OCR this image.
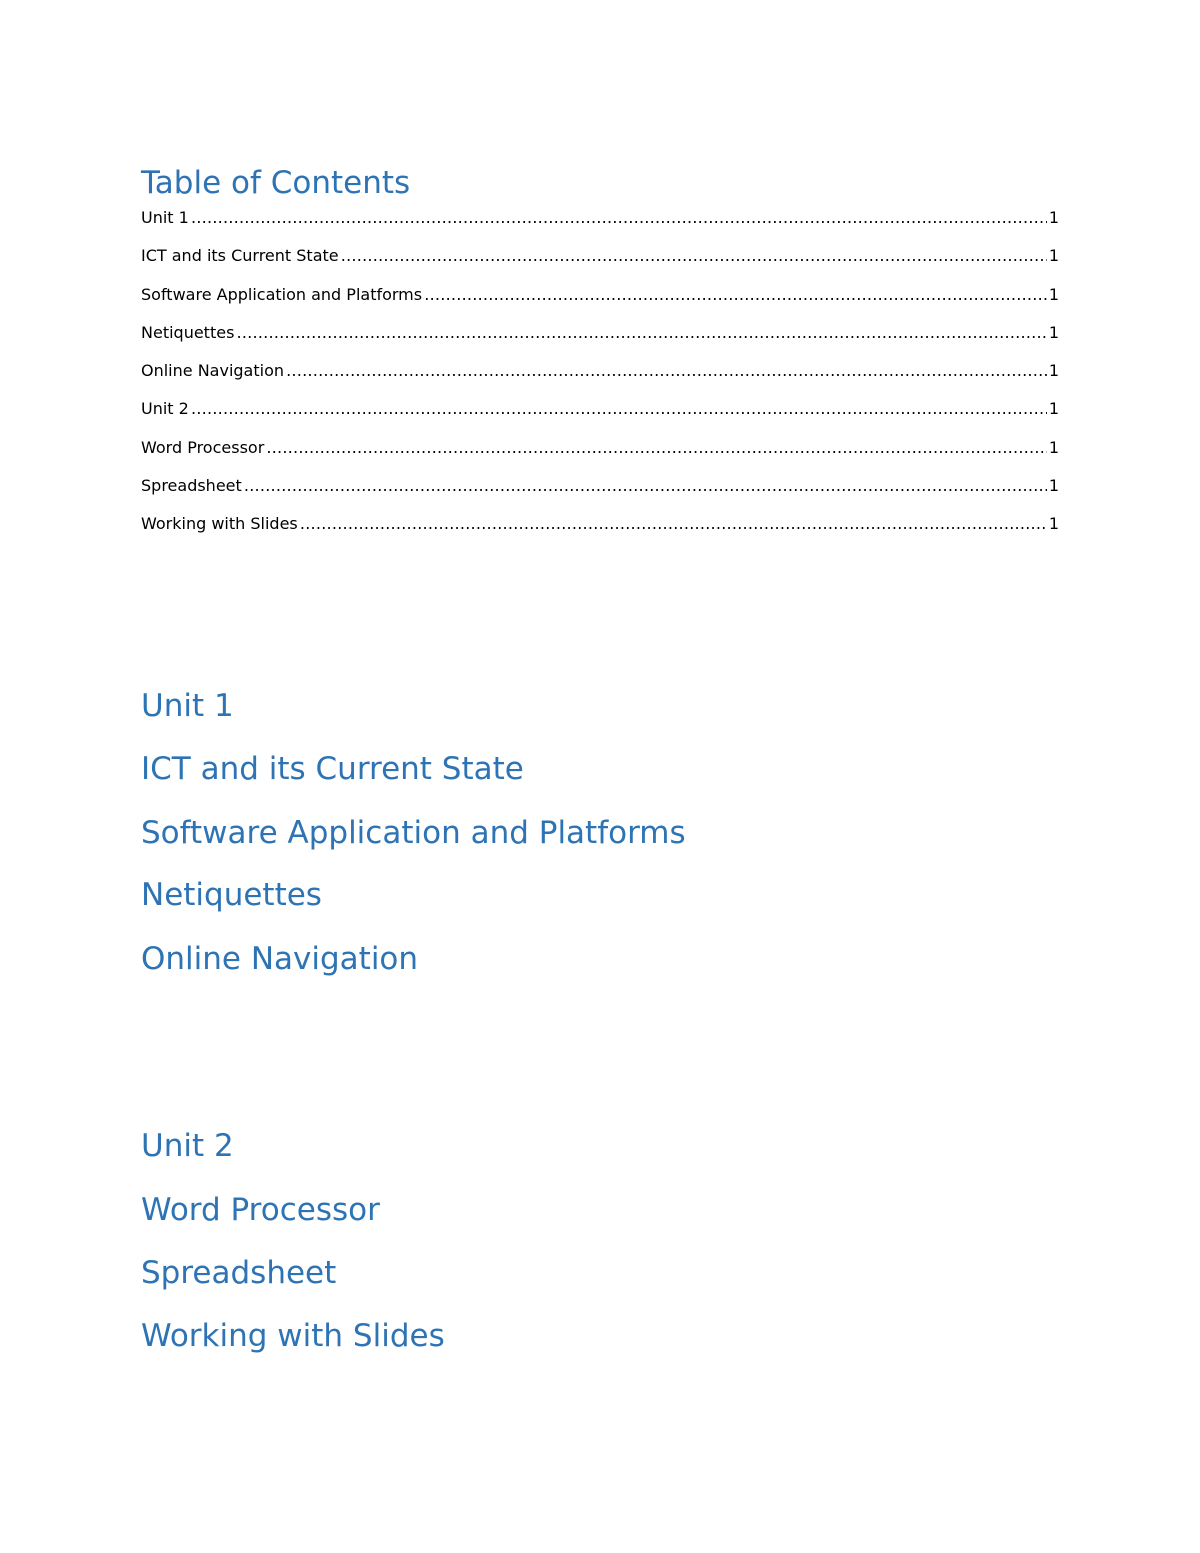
Table of Contents
Unit 1 ………………………………………………………………………………………………………………………………………………………………………………………………………………………………………………………………………………………………………………………………	1
ICT and its Current State ………………………………………………………………………………………………………………………………………………………………………………………………………………………………………………………………………………………………………………………………	1
Software Application and Platforms ………………………………………………………………………………………………………………………………………………………………………………………………………………………………………………………………………………………………………………………………	1
Netiquettes ………………………………………………………………………………………………………………………………………………………………………………………………………………………………………………………………………………………………………………………………	1
Online Navigation ………………………………………………………………………………………………………………………………………………………………………………………………………………………………………………………………………………………………………………………………	1
Unit 2 ………………………………………………………………………………………………………………………………………………………………………………………………………………………………………………………………………………………………………………………………	1
Word Processor ………………………………………………………………………………………………………………………………………………………………………………………………………………………………………………………………………………………………………………………………	1
Spreadsheet ………………………………………………………………………………………………………………………………………………………………………………………………………………………………………………………………………………………………………………………………	1
Working with Slides ………………………………………………………………………………………………………………………………………………………………………………………………………………………………………………………………………………………………………………………………	1
Unit 1
ICT and its Current State
Software Application and Platforms
Netiquettes
Online Navigation
Unit 2
Word Processor
Spreadsheet
Working with Slides
